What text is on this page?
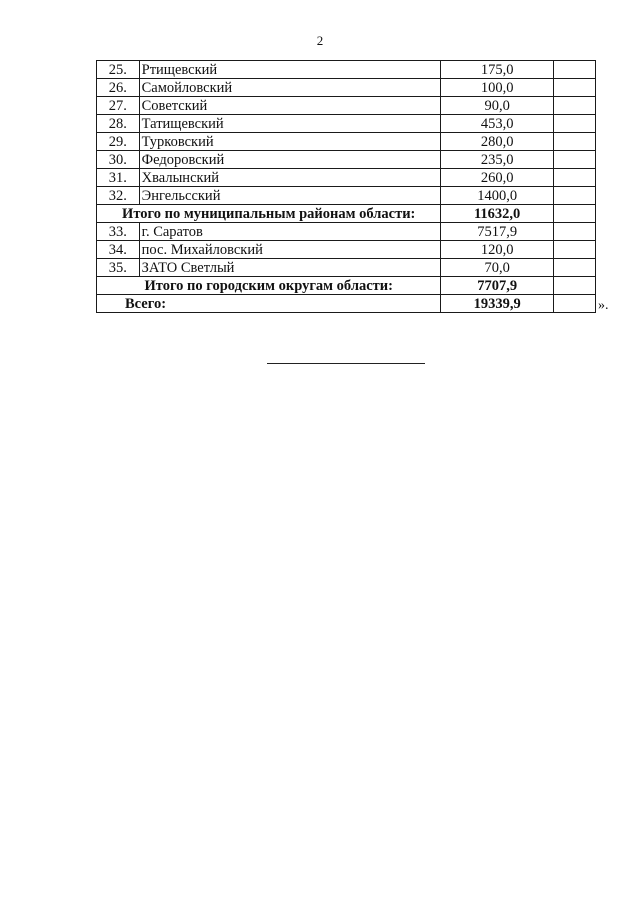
2
25.	Ртищевский	175,0	
26.	Самойловский	100,0	
27.	Советский	90,0	
28.	Татищевский	453,0	
29.	Турковский	280,0	
30.	Федоровский	235,0	
31.	Хвалынский	260,0	
32.	Энгельсский	1400,0	
Итого по муниципальным районам области:		11632,0	
33.	г. Саратов	7517,9	
34.	пос. Михайловский	120,0	
35.	ЗАТО Светлый	70,0	
Итого по городским округам области:		7707,9	
Всего:		19339,9		».
